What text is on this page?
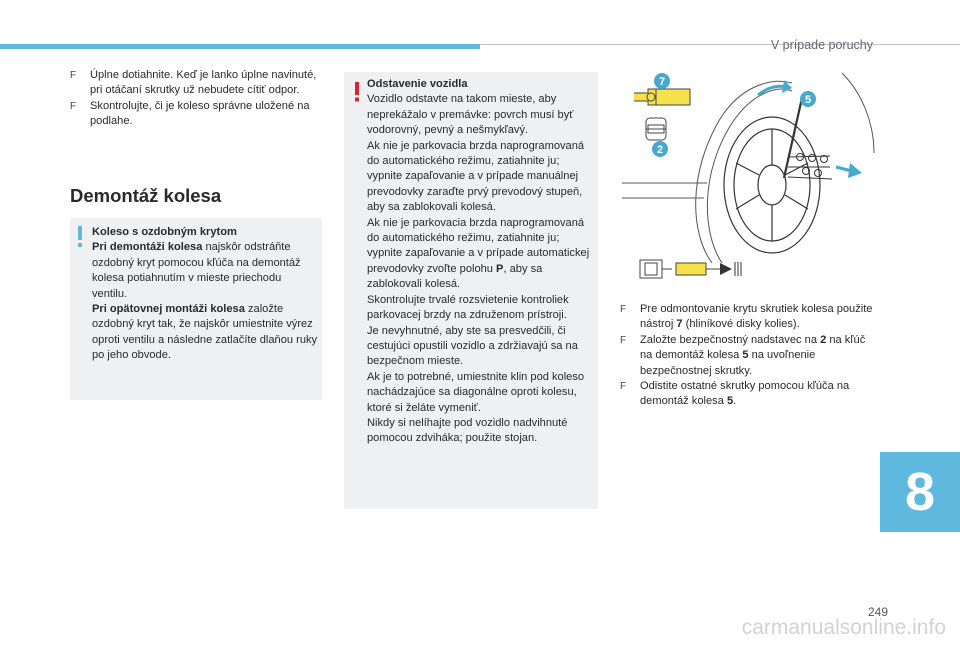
V prípade poruchy
F	Úplne dotiahnite. Keď je lanko úplne navinuté, pri otáčaní skrutky už nebudete cítiť odpor.
F	Skontrolujte, či je koleso správne uložené na podlahe.
Demontáž kolesa
Koleso s ozdobným krytom
Pri demontáži kolesa najskôr odstráňte ozdobný kryt pomocou kľúča na demontáž kolesa potiahnutím v mieste priechodu ventilu.
Pri opätovnej montáži kolesa založte ozdobný kryt tak, že najskôr umiestnite výrez oproti ventilu a následne zatlačíte dlaňou ruky po jeho obvode.
Odstavenie vozidla
Vozidlo odstavte na takom mieste, aby neprekážalo v premávke: povrch musí byť vodorovný, pevný a nešmykľavý.
Ak nie je parkovacia brzda naprogramovaná do automatického režimu, zatiahnite ju; vypnite zapaľovanie a v prípade manuálnej prevodovky zaraďte prvý prevodový stupeň, aby sa zablokovali kolesá.
Ak nie je parkovacia brzda naprogramovaná do automatického režimu, zatiahnite ju; vypnite zapaľovanie a v prípade automatickej prevodovky zvoľte polohu P, aby sa zablokovali kolesá.
Skontrolujte trvalé rozsvietenie kontroliek parkovacej brzdy na združenom prístroji.
Je nevyhnutné, aby ste sa presvedčili, či cestujúci opustili vozidlo a zdržiavajú sa na bezpečnom mieste.
Ak je to potrebné, umiestnite klin pod koleso nachádzajúce sa diagonálne oproti kolesu, ktoré si želáte vymeniť.
Nikdy si nelíhajte pod vozidlo nadvihnuté pomocou zdviháka; použite stojan.
7
5
2
F	Pre odmontovanie krytu skrutiek kolesa použite nástroj 7 (hliníkové disky kolies).
F	Založte bezpečnostný nadstavec na 2 na kľúč na demontáž kolesa 5 na uvoľnenie bezpečnostnej skrutky.
F	Odistite ostatné skrutky pomocou kľúča na demontáž kolesa 5.
8
249
carmanualsonline.info
